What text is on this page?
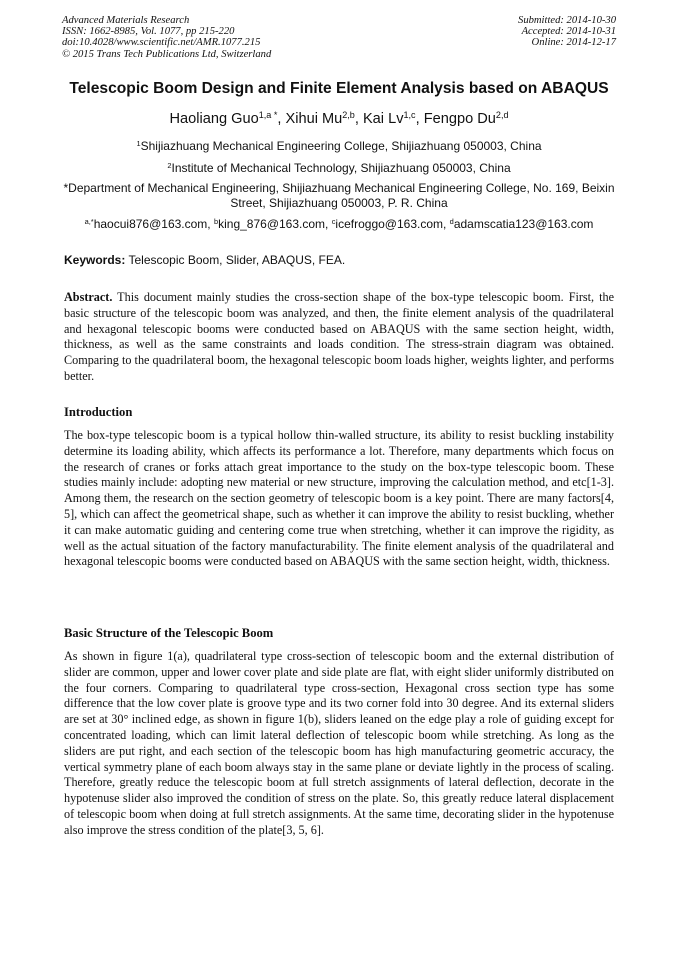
Advanced Materials Research
ISSN: 1662-8985, Vol. 1077, pp 215-220
doi:10.4028/www.scientific.net/AMR.1077.215
© 2015 Trans Tech Publications Ltd, Switzerland
Submitted: 2014-10-30
Accepted: 2014-10-31
Online: 2014-12-17
Telescopic Boom Design and Finite Element Analysis based on ABAQUS
Haoliang Guo$^{1,a *}$, Xihui Mu$^{2,b}$, Kai Lv$^{1,c}$, Fengpo Du$^{2,d}$
$^1$Shijiazhuang Mechanical Engineering College, Shijiazhuang 050003, China
$^2$Institute of Mechanical Technology, Shijiazhuang 050003, China
*Department of Mechanical Engineering, Shijiazhuang Mechanical Engineering College, No. 169, Beixin Street, Shijiazhuang 050003, P. R. China
$^{a,*}$haocui876@163.com, $^b$king_876@163.com, $^c$icefroggo@163.com, $^d$adamscatia123@163.com
Keywords: Telescopic Boom, Slider, ABAQUS, FEA.
Abstract. This document mainly studies the cross-section shape of the box-type telescopic boom. First, the basic structure of the telescopic boom was analyzed, and then, the finite element analysis of the quadrilateral and hexagonal telescopic booms were conducted based on ABAQUS with the same section height, width, thickness, as well as the same constraints and loads condition. The stress-strain diagram was obtained. Comparing to the quadrilateral boom, the hexagonal telescopic boom loads higher, weights lighter, and performs better.
Introduction
The box-type telescopic boom is a typical hollow thin-walled structure, its ability to resist buckling instability determine its loading ability, which affects its performance a lot. Therefore, many departments which focus on the research of cranes or forks attach great importance to the study on the box-type telescopic boom. These studies mainly include: adopting new material or new structure, improving the calculation method, and etc[1-3]. Among them, the research on the section geometry of telescopic boom is a key point. There are many factors[4, 5], which can affect the geometrical shape, such as whether it can improve the ability to resist buckling, whether it can make automatic guiding and centering come true when stretching, whether it can improve the rigidity, as well as the actual situation of the factory manufacturability. The finite element analysis of the quadrilateral and hexagonal telescopic booms were conducted based on ABAQUS with the same section height, width, thickness.
Basic Structure of the Telescopic Boom
As shown in figure 1(a), quadrilateral type cross-section of telescopic boom and the external distribution of slider are common, upper and lower cover plate and side plate are flat, with eight slider uniformly distributed on the four corners. Comparing to quadrilateral type cross-section, Hexagonal cross section type has some difference that the low cover plate is groove type and its two corner fold into 30 degree. And its external sliders are set at 30° inclined edge, as shown in figure 1(b), sliders leaned on the edge play a role of guiding except for concentrated loading, which can limit lateral deflection of telescopic boom while stretching. As long as the sliders are put right, and each section of the telescopic boom has high manufacturing geometric accuracy, the vertical symmetry plane of each boom always stay in the same plane or deviate lightly in the process of scaling. Therefore, greatly reduce the telescopic boom at full stretch assignments of lateral deflection, decorate in the hypotenuse slider also improved the condition of stress on the plate. So, this greatly reduce lateral displacement of telescopic boom when doing at full stretch assignments. At the same time, decorating slider in the hypotenuse also improve the stress condition of the plate[3, 5, 6].
